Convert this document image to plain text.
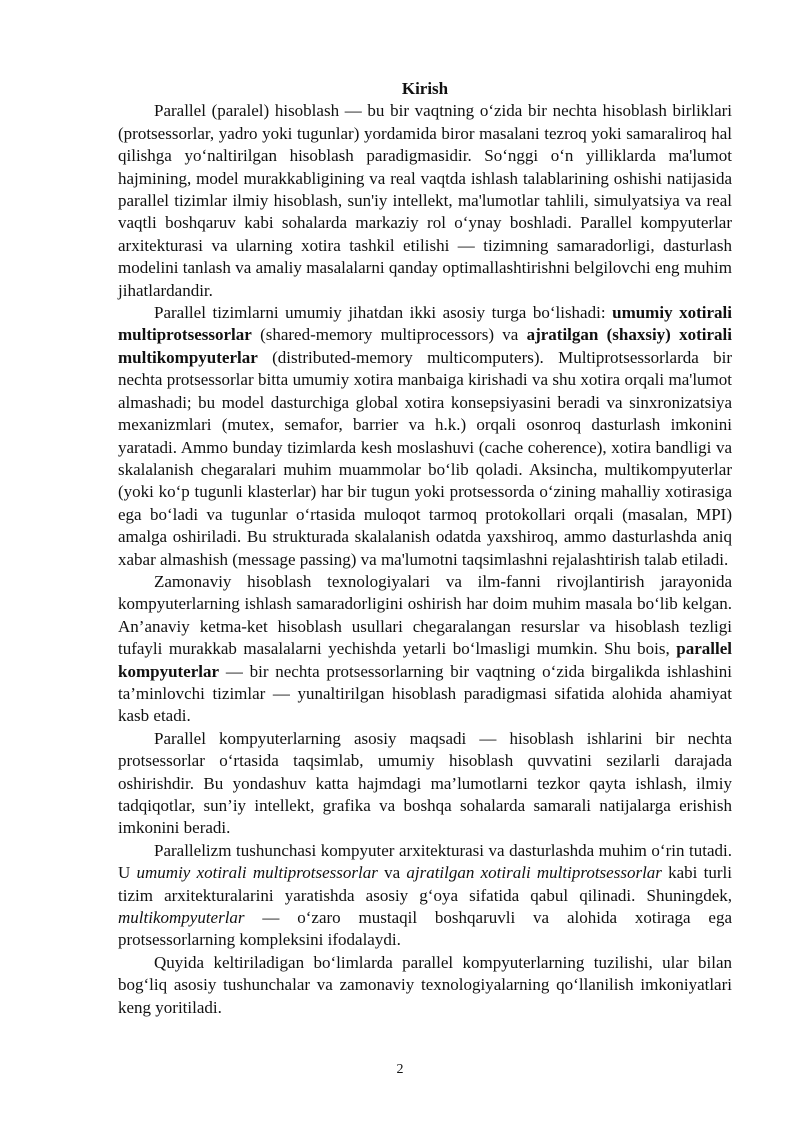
Kirish

Parallel (paralel) hisoblash — bu bir vaqtning o‘zida bir nechta hisoblash birliklari (protsessorlar, yadro yoki tugunlar) yordamida biror masalani tezroq yoki samaraliroq hal qilishga yo‘naltirilgan hisoblash paradigmasidir. So‘nggi o‘n yilliklarda ma'lumot hajmining, model murakkabligining va real vaqtda ishlash talablarining oshishi natijasida parallel tizimlar ilmiy hisoblash, sun'iy intellekt, ma'lumotlar tahlili, simulyatsiya va real vaqtli boshqaruv kabi sohalarda markaziy rol o‘ynay boshladi. Parallel kompyuterlar arxitekturasi va ularning xotira tashkil etilishi — tizimning samaradorligi, dasturlash modelini tanlash va amaliy masalalarni qanday optimallashtirishni belgilovchi eng muhim jihatlardandir.

Parallel tizimlarni umumiy jihatdan ikki asosiy turga bo‘lishadi: umumiy xotirali multiprotsessorlar (shared-memory multiprocessors) va ajratilgan (shaxsiy) xotirali multikompyuterlar (distributed-memory multicomputers). Multiprotsessorlarda bir nechta protsessorlar bitta umumiy xotira manbaiga kirishadi va shu xotira orqali ma'lumot almashadi; bu model dasturchiga global xotira konsepsiyasini beradi va sinxronizatsiya mexanizmlari (mutex, semafor, barrier va h.k.) orqali osonroq dasturlash imkonini yaratadi. Ammo bunday tizimlarda kesh moslashuvi (cache coherence), xotira bandligi va skalalanish chegaralari muhim muammolar bo‘lib qoladi. Aksincha, multikompyuterlar (yoki ko‘p tugunli klasterlar) har bir tugun yoki protsessorda o‘zining mahalliy xotirasiga ega bo‘ladi va tugunlar o‘rtasida muloqot tarmoq protokollari orqali (masalan, MPI) amalga oshiriladi. Bu strukturada skalalanish odatda yaxshiroq, ammo dasturlashda aniq xabar almashish (message passing) va ma'lumotni taqsimlashni rejalashtirish talab etiladi.

Zamonaviy hisoblash texnologiyalari va ilm-fanni rivojlantirish jarayonida kompyuterlarning ishlash samaradorligini oshirish har doim muhim masala bo‘lib kelgan. An’anaviy ketma-ket hisoblash usullari chegaralangan resurslar va hisoblash tezligi tufayli murakkab masalalarni yechishda yetarli bo‘lmasligi mumkin. Shu bois, parallel kompyuterlar — bir nechta protsessorlarning bir vaqtning o‘zida birgalikda ishlashini ta’minlovchi tizimlar — yunaltirilgan hisoblash paradigmasi sifatida alohida ahamiyat kasb etadi.

Parallel kompyuterlarning asosiy maqsadi — hisoblash ishlarini bir nechta protsessorlar o‘rtasida taqsimlab, umumiy hisoblash quvvatini sezilarli darajada oshirishdir. Bu yondashuv katta hajmdagi ma’lumotlarni tezkor qayta ishlash, ilmiy tadqiqotlar, sun’iy intellekt, grafika va boshqa sohalarda samarali natijalarga erishish imkonini beradi.

Parallelizm tushunchasi kompyuter arxitekturasi va dasturlashda muhim o‘rin tutadi. U umumiy xotirali multiprotsessorlar va ajratilgan xotirali multiprotsessorlar kabi turli tizim arxitekturalarini yaratishda asosiy g‘oya sifatida qabul qilinadi. Shuningdek, multikompyuterlar — o‘zaro mustaqil boshqaruvli va alohida xotiraga ega protsessorlarning kompleksini ifodalaydi.

Quyida keltiriladigan bo‘limlarda parallel kompyuterlarning tuzilishi, ular bilan bog‘liq asosiy tushunchalar va zamonaviy texnologiyalarning qo‘llanilish imkoniyatlari keng yoritiladi.

2
